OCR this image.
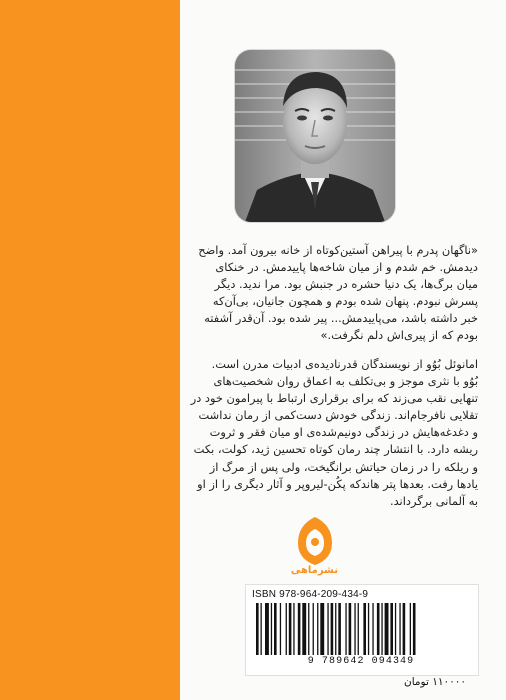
«ناگهان پدرم با پیراهن آستین‌کوتاه از خانه بیرون آمد. واضح

دیدمش. خم شدم و از میان شاخه‌ها پاییدمش. در خنکای

میان برگ‌ها، یک دنیا حشره در جنبش بود. مرا ندید. دیگر

پسرش نبودم. پنهان شده بودم و همچون جانیان، بی‌آن‌که

خبر داشته باشد، می‌پاییدمش... پیر شده بود. آن‌قدر آشفته

بودم که از پیری‌اش دلم نگرفت.»

امانوئل بُوُو از نویسندگان قدرنادیده‌ی ادبیات مدرن است.

بُوُو با نثری موجز و بی‌تکلف به اعماق روان شخصیت‌های

تنهایی نقب می‌زند که برای برقراری ارتباط با پیرامون خود در

تقلایی نافرجام‌اند. زندگی خودش دست‌کمی از رمان نداشت

و دغدغه‌هایش در زندگی دونیم‌شده‌ی او میان فقر و ثروت

ریشه دارد. با انتشار چند رمان کوتاه تحسین ژید، کولت، بکت

و ریلکه را در زمان حیاتش برانگیخت، ولی پس از مرگ از

یادها رفت. بعدها پتر هاندکه پکُن-لیروپر و آثار دیگری را از او

به آلمانی برگرداند.

نشرماهی
ISBN 978-964-209-434-9
9 789642 094349
۱۱۰۰۰۰ تومان
